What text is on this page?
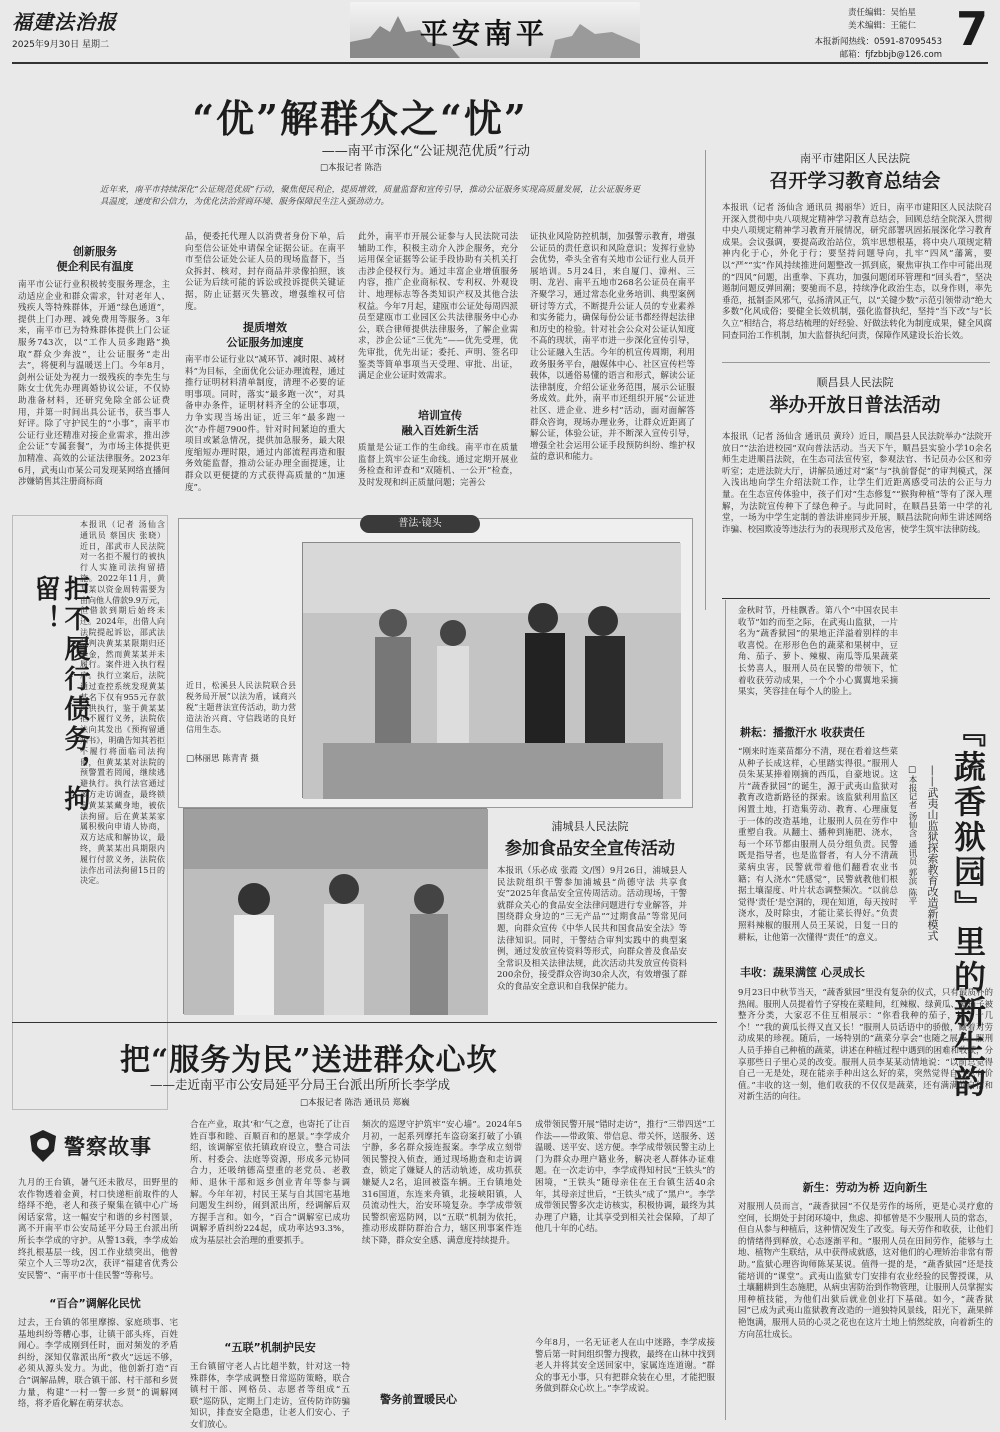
福建法治报
2025年9月30日 星期二	平安南平
责任编辑：吴怡星
美术编辑：王能仁
本报新闻热线：0591-87095453
邮箱：fjfzbbjb@126.com 7
“优”解群众之“忧”
——南平市深化“公证规范优质”行动
□本报记者 陈浩
近年来，南平市持续深化“公证规范优质”行动，聚焦便民利企，提质增效，质量监督和宣传引导，推动公证服务实现高质量发展，让公证服务更具温度，速度和公信力，为优化法治营商环境、服务保障民生注入强劲动力。
创新服务
便企利民有温度
南平市公证行业积极转变服务理念，主动适应企业和群众需求，针对老年人、残疾人等特殊群体，开通“绿色通道”，提供上门办理、减免费用等服务。3年来，南平市已为特殊群体提供上门公证服务743次，以“工作人员多跑路”换取“群众少奔波”，让公证服务“走出去”，将便利与温暖送上门。今年8月，剑州公证处为视力一级残疾的李先生与陈女士优先办理离婚协议公证，不仅协助准备材料，还研究免除全部公证费用，并第一时间出具公证书，获当事人好评。除了守护民生的“小事”，南平市公证行业还精准对接企业需求，推出涉企公证“专属套餐”，为市场主体提供更加精准、高效的公证法律服务。2023年6月，武夷山市某公司发现某网络直播间涉嫌销售其注册商标商
品，便委托代理人以消费者身份下单，后向至信公证处申请保全证据公证。在南平市至信公证处公证人员的现场监督下，当众拆封、核对，封存商品并录像拍照，该公证为后续可能的诉讼或投诉提供关键证据，防止证据灭失篡改，增强维权可信度。
提质增效
公证服务加速度
南平市公证行业以“减环节、减时限、减材料”为目标，全面优化公证办理流程，通过推行证明材料清单制度，清理不必要的证明事项。同时，落实“最多跑一次”，对具备申办条件，证明材料齐全的公证事项，力争实现当场出证，近三年“最多跑一次”办件超7900件。针对时间紧迫的重大项目或紧急情况，提供加急服务，最大限度缩短办理时限，通过内部流程再造和服务效能监督，推动公证办理全面提速，让群众以更便捷的方式获得高质量的“加速度”。
此外，南平市开展公证参与人民法院司法辅助工作，积极主动介入涉企服务，充分运用保全证据等公证手段协助有关机关打击涉企侵权行为。通过丰富企业增值服务内容，推广企业商标权、专利权、外观设计、地理标志等各类知识产权及其他合法权益。今年7月起，建瓯市公证处每周四派员至建瓯市工业园区公共法律服务中心办公，联合律师提供法律服务，了解企业需求，涉企公证“三优先”——优先受理，优先审批，优先出证；委托、声明、签名印鉴类等简单事项当天受理、审批、出证，满足企业公证时效需求。
培训宣传
融入百姓新生活
质量是公证工作的生命线。南平市在质量监督上筑牢公证生命线。通过定期开展业务检查和评查和“双随机、一公开”检查，及时发现和纠正质量问题；完善公
证执业风险防控机制，加强警示教育，增强公证员的责任意识和风险意识；发挥行业协会优势，牵头全省有关地市公证行业人员开展培训。5月24日，来自厦门、漳州、三明、龙岩、南平五地市268名公证员在南平齐聚学习，通过常态化业务培训、典型案例研讨等方式，不断提升公证人员的专业素养和实务能力，确保每份公证书都经得起法律和历史的检验。针对社会公众对公证认知度不高的现状，南平市进一步深化宣传引导，让公证融入生活。今年的机宣传周期，利用政务服务平台，融媒体中心、社区宣传栏等载体，以通俗易懂的语言和形式，解读公证法律制度，介绍公证业务范围，展示公证服务成效。此外，南平市还组织开展“公证进社区、进企业、进乡村”活动，面对面解答群众咨询，现场办理业务，让群众近距离了解公证，体验公证，并不断深入宣传引导，增强全社会运用公证手段预防纠纷、维护权益的意识和能力。
南平市建阳区人民法院
召开学习教育总结会
本报讯（记者 汤仙含 通讯员 揭丽华）近日，南平市建阳区人民法院召开深入贯彻中央八项规定精神学习教育总结会，回顾总结全院深入贯彻中央八项规定精神学习教育开展情况，研究部署巩固拓展深化学习教育成果。会议强调，要提高政治站位，筑牢思想根基，将中央八项规定精神内化于心，外化于行；要坚持问题导向，扎牢“四风”藩篱，要以“严”“实”作风持续推进问题整改一抓到底，聚焦审执工作中可能出现的“四风”问题，出重拳、下真功，加强问题闭环管理和“回头看”，坚决遏制问题反弹回潮；要驰而不息，持续净化政治生态，以身作则，率先垂范，抵制歪风邪气，弘扬清风正气，以“关键少数”示范引领带动“绝大多数”化风成俗；要健全长效机制，强化监督执纪，坚持“当下改”与“长久立”相结合，将总结梳理的好经验、好做法转化为制度成果，健全风腐同查同治工作机制，加大监督执纪问责，保障作风建设长治长效。
顺昌县人民法院
举办开放日普法活动
本报讯（记者 汤仙含 通讯员 黄玲）近日，顺昌县人民法院举办“法院开放日”“法治进校园”双向普法活动。当天下午，顺昌县实验小学10余名师生走进顺昌法院，在生态司法宣传室，参观法官、书记员办公区和旁听室；走进法院大厅，讲解员通过对“案”与“执前督促”的审判模式，深入浅出地向学生介绍法院工作，让学生们近距离感受司法的公正与力量。在生态宣传体验中，孩子们对“生态修复”“猴狗种植”等有了深入理解，为法院宣传种下了绿色种子。与此同时，在顺昌县第一中学的礼堂，一场为中学生定制的普法讲座同步开展，顺昌法院向师生讲述网络诈骗、校园欺凌等违法行为的表现形式及危害，使学生筑牢法律防线。
拒不履行债务，拘留！
本报讯（记者 汤仙含 通讯员 蔡国庆 张晓）近日，邵武市人民法院对一名拒不履行的被执行人实施司法拘留措施。2022年11月，黄某某以资金周转需要为由向他人借款9.9万元，但借款到期后始终未还。2024年，出借人向法院提起诉讼，邵武法院判决黄某某限期归还本金，然而黄某某并未履行。案件进入执行程序。执行立案后，法院通过查控系统发现黄某某名下仅有955元存款可供执行，鉴于黄某某拒不履行义务，法院依法向其发出《预拘留通知书》，明确告知其若拒不履行将面临司法拘留，但黄某某对法院的预警置若罔闻，继续逃避执行。执行法官通过多方走访调查，最终锁定黄某某藏身地，被依法拘留。后在黄某某家属积极向申请人协商，双方达成和解协议，最终，黄某某出具期限内履行付款义务，法院依法作出司法拘留15日的决定。
普法·镜头
近日，松溪县人民法院联合县税务局开展“以法为盾，诚商兴税”主题普法宣传活动，助力营造法治兴商、守信践诺的良好信用生态。
□林丽思 陈青青 摄
浦城县人民法院
参加食品安全宣传活动
本报讯（乐必成 张霞 文/图）9月26日，浦城县人民法院组织干警参加浦城县“尚德守法 共享食安”2025年食品安全宣传周活动。活动现场，干警就群众关心的食品安全法律问题进行专业解答，并围绕群众身边的“三无产品”“过期食品”等常见问题，向群众宣传《中华人民共和国食品安全法》等法律知识。同时，干警结合审判实践中的典型案例，通过发放宣传资料等形式，向群众普及食品安全常识及相关法律法规，此次活动共发放宣传资料200余份，接受群众咨询30余人次，有效增强了群众的食品安全意识和自我保护能力。	『蔬香狱园』里的新生韵
——武夷山监狱探索教育改造新模式
□本报记者 汤仙含 通讯员 郭滨 陈平
金秋时节，丹桂飘香。第八个“中国农民丰收节”如约而至之际，在武夷山监狱，一片名为“蔬香狱园”的果地正洋溢着别样的丰收喜悦。在形形色色的蔬菜和果树中，豆角、茄子、萝卜、辣椒、南瓜等瓜果蔬菜长势喜人，服刑人员在民警的带领下，忙着收获劳动成果，一个个小心翼翼地采摘果实，笑容挂在每个人的脸上。
耕耘：播撒汗水 收获责任
“刚来时连菜苗都分不清，现在看着这些菜从种子长成这样，心里踏实得很。”服刑人员朱某某捧着刚摘的西瓜，自豪地说。这片“蔬香狱园”的诞生，源于武夷山监狱对教育改造新路径的探索。该监狱利用监区闲置土地，打造集劳动、教育、心理康复于一体的改造基地，让服刑人员在劳作中重塑自我。从翻土、播种到施肥、浇水，每一个环节都由服刑人员分组负责。民警既是指导者，也是监督者，有人分不清蔬菜病虫害，民警就带着他们翻看农业书籍；有人浇水“凭感觉”，民警就教他们根据土壤湿度、叶片状态调整频次。“以前总觉得‘责任’是空洞的，现在知道，每天按时浇水，及时除虫，才能让菜长得好。”负责照料辣椒的服刑人员王某说，日复一日的耕耘，让他第一次懂得“责任”的意义。
丰收：蔬果满筐 心灵成长
9月23日中秋节当天，“蔬香狱园”里没有复杂的仪式，只有最质朴的热闹。服刑人员提着竹子穿梭在菜畦间，红辣椒、绿黄瓜、紫茄子被整齐分类，大家忍不住互相展示：“你看我种的茄子，结了十几个！”“我的黄瓜长得又直又长！”服刑人员话语中的骄傲，藏着对劳动成果的珍视。随后，一场特别的“蔬菜分享会”也随之展开。服刑人员手捧自己种植的蔬菜，讲述在种植过程中遇到的困难和收获，分享那些日子里心灵的改变。服刑人员李某某动情地说：“以前总觉得自己一无是处，现在能亲手种出这么好的菜，突然觉得自己也有价值。”丰收的这一刻，他们收获的不仅仅是蔬菜，还有满满的自信和对新生活的向往。
新生：劳动为桥 迈向新生
对服刑人员而言，“蔬香狱园”不仅是劳作的场所，更是心灵疗愈的空间，长期处于封闭环境中，焦虑、抑郁曾是不少服刑人员的常态，但自从参与种植后，这种情况发生了改变。每天劳作和收获，让他们的情绪得到释放，心态逐渐平和。“服刑人员在田间劳作，能够与土地、植物产生联结，从中获得成就感，这对他们的心理矫治非常有帮助。”监狱心理咨询师陈某某说。值得一提的是，“蔬香狱园”还是技能培训的“课堂”。武夷山监狱专门安排有农业经验的民警授课，从土壤翻耕到生态施肥，从病虫害防治到作物管理，让服刑人员掌握实用种植技能，为他们出狱后就业创业打下基础。如今，“蔬香狱园”已成为武夷山监狱教育改造的一道独特风景线，阳光下，蔬果鲜艳饱满，服刑人员的心灵之花也在这片土地上悄然绽放，向着新生的方向茁壮成长。
把“服务为民”送进群众心坎
——走近南平市公安局延平分局王台派出所所长李学成
□本报记者 陈浩 通讯员 郑巍
警察故事
九月的王台镇，暑气还未散尽，田野里的农作物透着金黄，村口快递柜前取件的人络绎不绝，老人和孩子聚集在镇中心广场闲话家常，这一幅安宁和谐的乡村图景，离不开南平市公安局延平分局王台派出所所长李学成的守护。从警13载，李学成始终扎根基层一线，因工作业绩突出，他曾荣立个人三等功2次，获评“福建省优秀公安民警”、“南平市十佳民警”等称号。
“百合”调解化民忧
过去，王台镇的邻里摩擦、家庭琐事、宅基地纠纷等糟心事，让镇干部头疼，百姓闹心。李学成刚到任时，面对频发的矛盾纠纷，深知仅靠派出所“救火”远远不够，必须从源头发力。为此，他创新打造“百合”调解品牌，联合镇干部、村干部和乡贤力量，构建“一村一警一乡贤”的调解网络，将矛盾化解在萌芽状态。
合在产业，取其‘和’气之意，也寄托了让百姓百事和睦、百顺百和的愿景。”李学成介绍，该调解室依托镇政府设立，整合司法所、村委会、法庭等资源，形成多元协同合力，还吸纳德高望重的老党员、老教师、退休干部和返乡创业青年等参与调解。今年年初，村民王某与自其国宅基地问题发生纠纷，闹到派出所，经调解后双方握手言和。如今，“百合”调解室已成功调解矛盾纠纷224起，成功率达93.3%，成为基层社会治理的重要抓手。
“五联”机制护民安
王台镇留守老人占比超半数，针对这一特殊群体，李学成调整日常巡防策略，联合镇村干部、网格员、志愿者等组成“五联”巡防队，定期上门走访，宣传防诈防骗知识，排查安全隐患，让老人们安心、子女们放心。
频次的巡逻守护筑牢“安心墙”。2024年5月初，一起系列摩托车盗窃案打破了小镇宁静，多名群众接连报案。李学成立刻带领民警投入侦查，通过现场勘查和走访调查，锁定了嫌疑人的活动轨迹，成功抓获嫌疑人2名，追回被盗车辆。王台镇地处316国道，东连来舟镇，北接峡阳镇，人员流动性大，治安环境复杂。李学成带领民警织密巡防网，以“五联”机制为依托，推动形成群防群治合力，辖区刑事案件连续下降，群众安全感、满意度持续提升。
成带领民警开展“错时走访”，推行“三带四送”工作法——带政策、带信息、带关怀，送服务、送温暖、送平安、送方便。李学成带领民警主动上门为群众办理户籍业务，解决老人群体办证难题。在一次走访中，李学成得知村民“王铁头”的困境，“王铁头”随母亲住在王台镇生活40余年，其母亲过世后，“王铁头”成了“黑户”。李学成带领民警多次走访核实，积极协调，最终为其办理了户籍，让其享受到相关社会保障，了却了他几十年的心结。
警务前置暖民心
今年8月，一名无证老人在山中迷路，李学成接警后第一时间组织警力搜救，最终在山林中找到老人并将其安全送回家中，家属连连道谢。“群众的事无小事，只有把群众装在心里，才能把服务做到群众心坎上。”李学成说。
